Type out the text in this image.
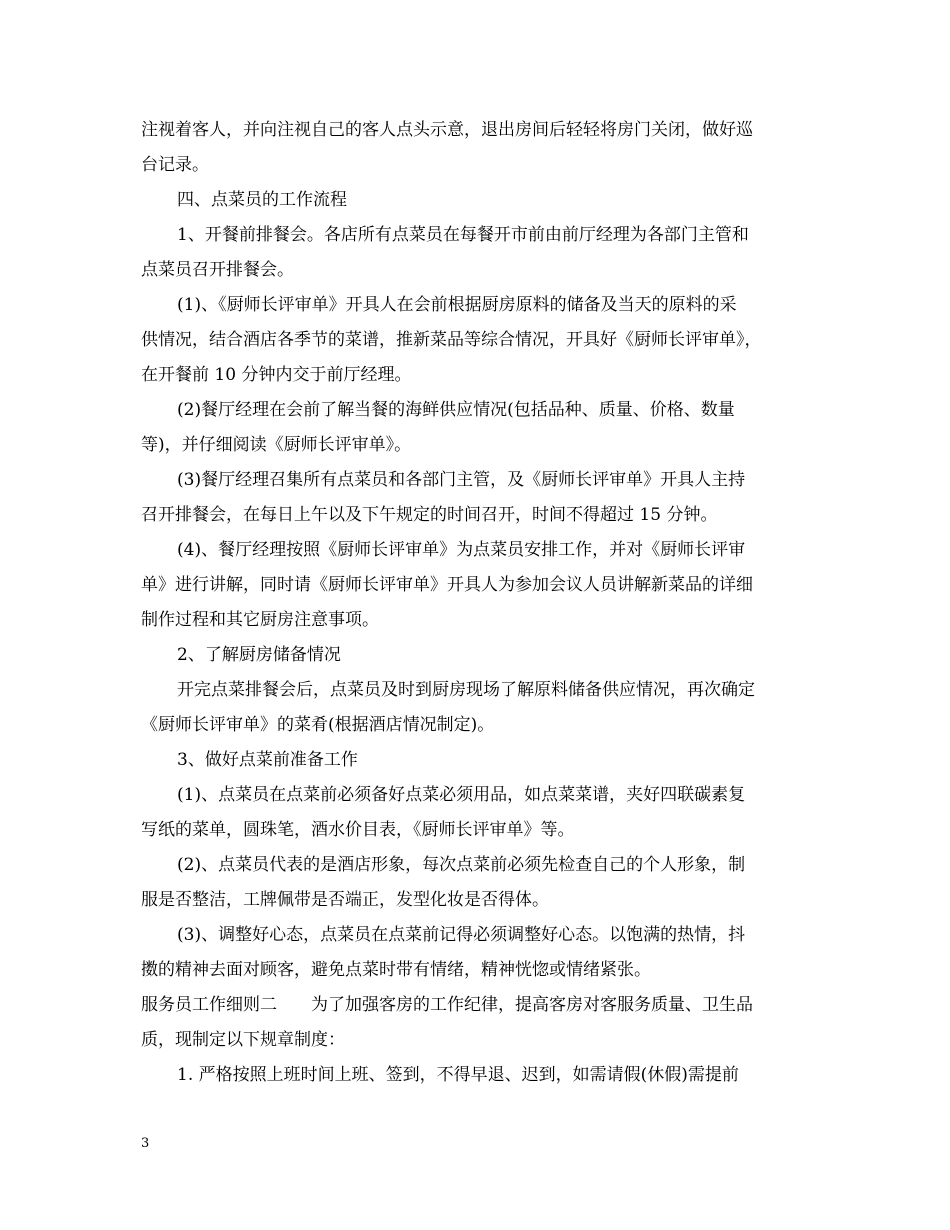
注视着客人，并向注视自己的客人点头示意，退出房间后轻轻将房门关闭，做好巡
台记录。
四、点菜员的工作流程
1、开餐前排餐会。各店所有点菜员在每餐开市前由前厅经理为各部门主管和
点菜员召开排餐会。
(1)、《厨师长评审单》开具人在会前根据厨房原料的储备及当天的原料的采
供情况，结合酒店各季节的菜谱，推新菜品等综合情况，开具好《厨师长评审单》，
在开餐前 10 分钟内交于前厅经理。
(2)餐厅经理在会前了解当餐的海鲜供应情况(包括品种、质量、价格、数量
等)，并仔细阅读《厨师长评审单》。
(3)餐厅经理召集所有点菜员和各部门主管，及《厨师长评审单》开具人主持
召开排餐会，在每日上午以及下午规定的时间召开，时间不得超过 15 分钟。
(4)、餐厅经理按照《厨师长评审单》为点菜员安排工作，并对《厨师长评审
单》进行讲解，同时请《厨师长评审单》开具人为参加会议人员讲解新菜品的详细
制作过程和其它厨房注意事项。
2、了解厨房储备情况
开完点菜排餐会后，点菜员及时到厨房现场了解原料储备供应情况，再次确定
《厨师长评审单》的菜肴(根据酒店情况制定)。
3、做好点菜前准备工作
(1)、点菜员在点菜前必须备好点菜必须用品，如点菜菜谱，夹好四联碳素复
写纸的菜单，圆珠笔，酒水价目表，《厨师长评审单》等。
(2)、点菜员代表的是酒店形象，每次点菜前必须先检查自己的个人形象，制
服是否整洁，工牌佩带是否端正，发型化妆是否得体。
(3)、调整好心态，点菜员在点菜前记得必须调整好心态。以饱满的热情，抖
擞的精神去面对顾客，避免点菜时带有情绪，精神恍惚或情绪紧张。
服务员工作细则二　　为了加强客房的工作纪律，提高客房对客服务质量、卫生品
质，现制定以下规章制度：
1. 严格按照上班时间上班、签到，不得早退、迟到，如需请假(休假)需提前
3
